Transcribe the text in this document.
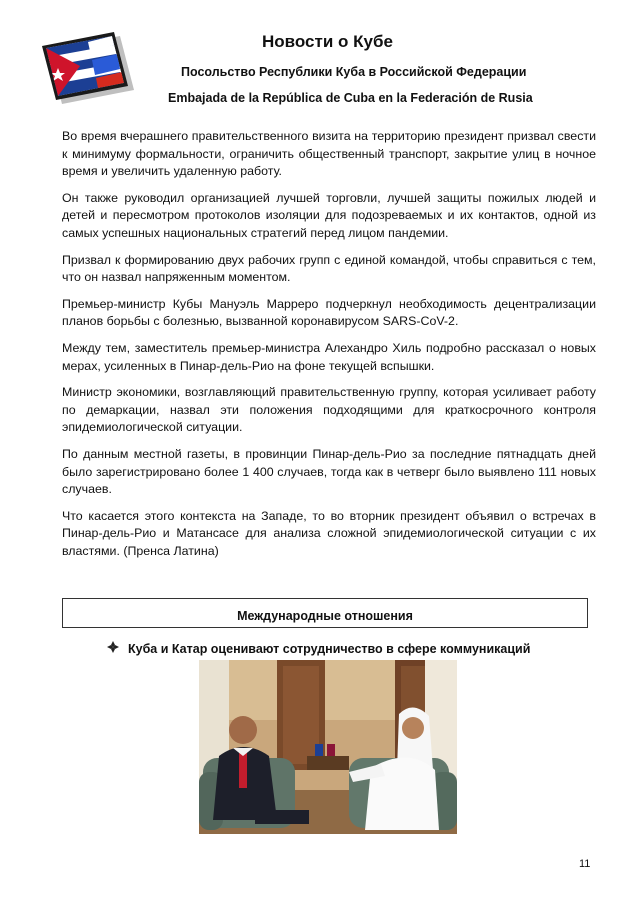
Новости о Кубе
Посольство Республики Куба в Российской Федерации
Embajada de la República de Cuba en la Federación de Rusia

Во время вчерашнего правительственного визита на территорию президент призвал свести к минимуму формальности, ограничить общественный транспорт, закрытие улиц в ночное время и увеличить удаленную работу.

Он также руководил организацией лучшей торговли, лучшей защиты пожилых людей и детей и пересмотром протоколов изоляции для подозреваемых и их контактов, одной из самых успешных национальных стратегий перед лицом пандемии.

Призвал к формированию двух рабочих групп с единой командой, чтобы справиться с тем, что он назвал напряженным моментом.

Премьер-министр Кубы Мануэль Марреро подчеркнул необходимость децентрализации планов борьбы с болезнью, вызванной коронавирусом SARS-CoV-2.

Между тем, заместитель премьер-министра Алехандро Хиль подробно рассказал о новых мерах, усиленных в Пинар-дель-Рио на фоне текущей вспышки.

Министр экономики, возглавляющий правительственную группу, которая усиливает работу по демаркации, назвал эти положения подходящими для краткосрочного контроля эпидемиологической ситуации.

По данным местной газеты, в провинции Пинар-дель-Рио за последние пятнадцать дней было зарегистрировано более 1 400 случаев, тогда как в четверг было выявлено 111 новых случаев.

Что касается этого контекста на Западе, то во вторник президент объявил о встречах в Пинар-дель-Рио и Матансасе для анализа сложной эпидемиологической ситуации с их властями. (Пренса Латина)

Международные отношения
Куба и Катар оценивают сотрудничество в сфере коммуникаций
11
